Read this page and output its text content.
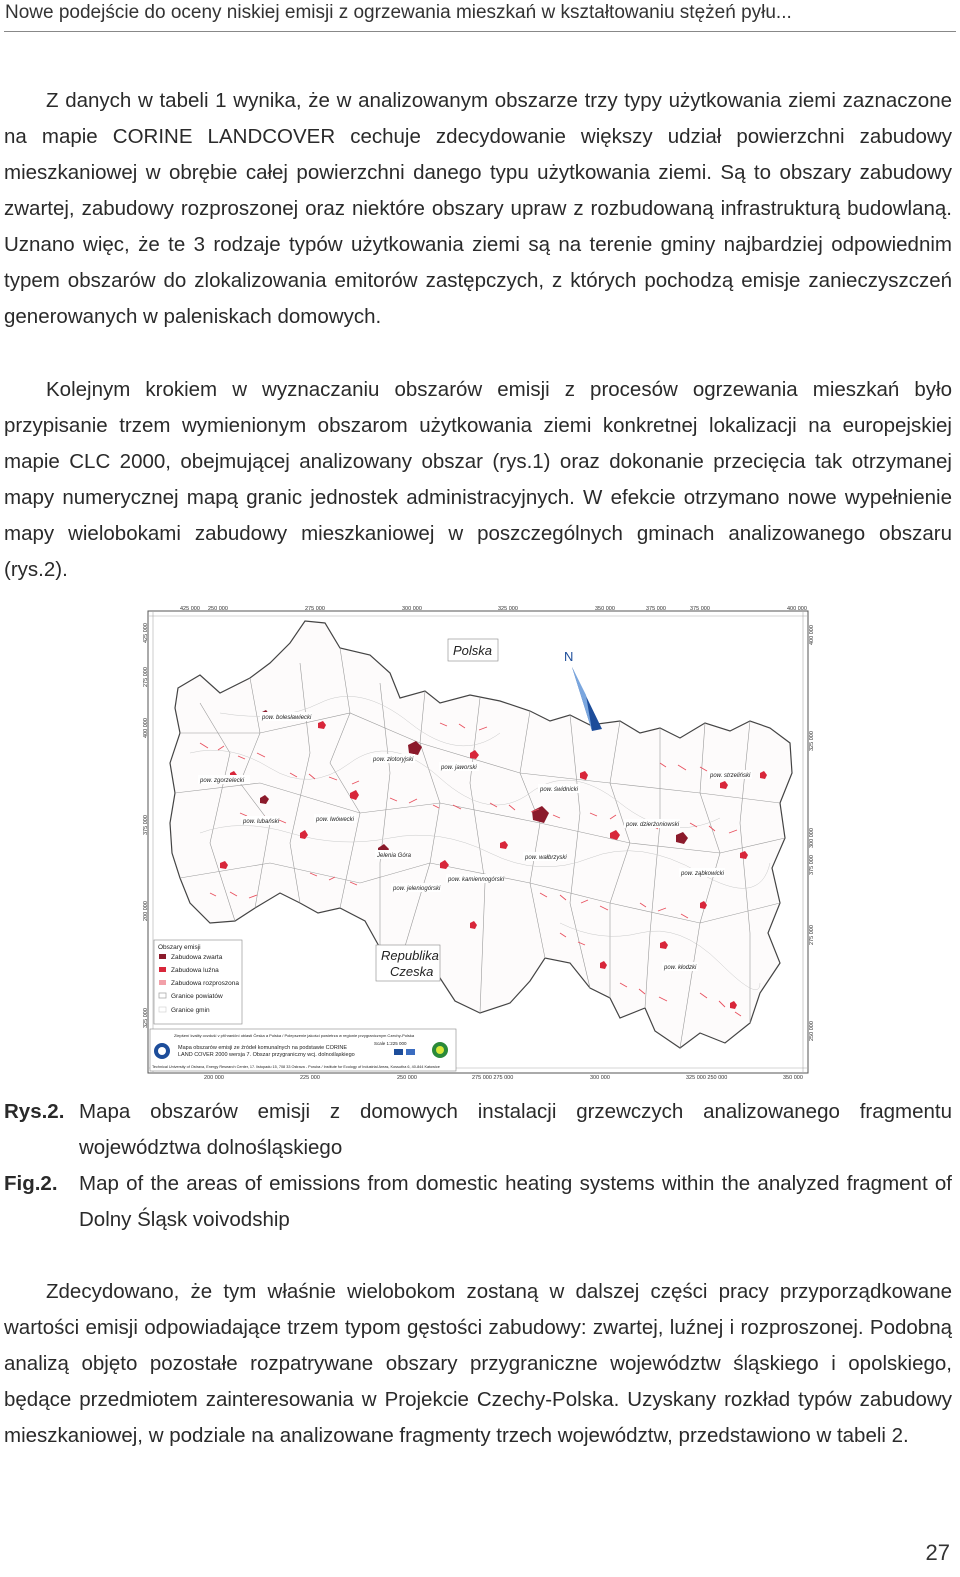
Nowe podejście do oceny niskiej emisji z ogrzewania mieszkań w kształtowaniu stężeń pyłu...

Z danych w tabeli 1 wynika, że w analizowanym obszarze trzy typy użytkowania ziemi zaznaczone na mapie CORINE LANDCOVER cechuje zdecydowanie większy udział powierzchni zabudowy mieszkaniowej w obrębie całej powierzchni danego typu użytkowania ziemi. Są to obszary zabudowy zwartej, zabudowy rozproszonej oraz niektóre obszary upraw z rozbudowaną infrastrukturą budowlaną. Uznano więc, że te 3 rodzaje typów użytkowania ziemi są na terenie gminy najbardziej odpowiednim typem obszarów do zlokalizowania emitorów zastępczych, z których pochodzą emisje zanieczyszczeń generowanych w paleniskach domowych.

Kolejnym krokiem w wyznaczaniu obszarów emisji z procesów ogrzewania mieszkań było przypisanie trzem wymienionym obszarom użytkowania ziemi konkretnej lokalizacji na europejskiej mapie CLC 2000, obejmującej analizowany obszar (rys.1) oraz dokonanie przecięcia tak otrzymanej mapy numerycznej mapą granic jednostek administracyjnych. W efekcie otrzymano nowe wypełnienie mapy wielobokami zabudowy mieszkaniowej w poszczególnych gminach analizowanego obszaru (rys.2).

425 000 250 000	275 000	300 000	325 000	350 000	375 000	375 000	400 000
200 000	225 000	250 000	275 000 275 000	300 000	325 000 250 000	350 000
425 000
275 000
400 000
375 000
200 000
325 000
400 000
325 000
300 000
375 000
275 000
250 000
Polska
Republika
Czeska
N
pow. bolesławiecki
pow. złotoryjski
pow. jaworski
pow. zgorzelecki
pow. świdnicki
pow. strzeliński
pow. lubański	pow. lwówecki
pow. dzierżoniowski
Jelenia Góra	pow. wałbrzyski
pow. kamiennogórski
pow. ząbkowicki
pow. jeleniogórski
pow. kłodzki
Obszary emisji
Zabudowa zwarta
Zabudowa luźna
Zabudowa rozproszona
Granice powiatów
Granice gmin
Zlepšení kvality ovzduší v příhraniční oblasti Česka a Polska / Polepszenie jakości powietrza w regionie przygranicznym Czechy-Polska
Mapa obszarów emisji ze źródeł komunalnych na podstawie CORINE
LAND COVER 2000 wersja 7. Obszar przygraniczny wcj. dolnośląskiego
Scale 1:225 000
Technical University of Ostrava, Energy Research Center, 17. listopadu 15, 708 33 Ostrava - Poruba / Institute for Ecology of Industrial Areas, Kossutha 6, 40-844 Katowice
Rys.2. Mapa obszarów emisji z domowych instalacji grzewczych analizowanego fragmentu województwa dolnośląskiego
Fig.2. Map of the areas of emissions from domestic heating systems within the analyzed fragment of Dolny Śląsk voivodship

Zdecydowano, że tym właśnie wielobokom zostaną w dalszej części pracy przyporządkowane wartości emisji odpowiadające trzem typom gęstości zabudowy: zwartej, luźnej i rozproszonej. Podobną analizą objęto pozostałe rozpatrywane obszary przygraniczne województw śląskiego i opolskiego, będące przedmiotem zainteresowania w Projekcie Czechy-Polska. Uzyskany rozkład typów zabudowy mieszkaniowej, w podziale na analizowane fragmenty trzech województw, przedstawiono w tabeli 2.

27
